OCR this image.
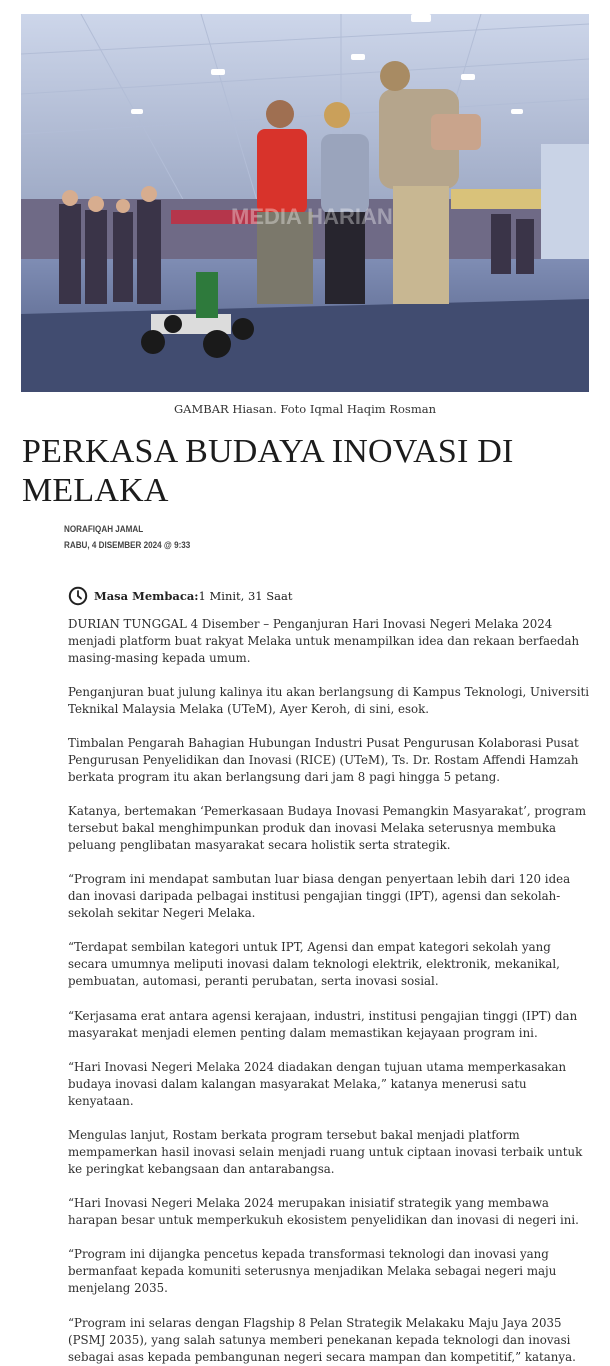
MEDIA HARIAN
GAMBAR Hiasan. Foto Iqmal Haqim Rosman
PERKASA BUDAYA INOVASI DI MELAKA
NORAFIQAH JAMAL
RABU, 4 DISEMBER 2024 @ 9:33
Masa Membaca: 1 Minit, 31 Saat

DURIAN TUNGGAL 4 Disember – Penganjuran Hari Inovasi Negeri Melaka 2024 menjadi platform buat rakyat Melaka untuk menampilkan idea dan rekaan berfaedah masing-masing kepada umum.

Penganjuran buat julung kalinya itu akan berlangsung di Kampus Teknologi, Universiti Teknikal Malaysia Melaka (UTeM), Ayer Keroh, di sini, esok.

Timbalan Pengarah Bahagian Hubungan Industri Pusat Pengurusan Kolaborasi Pusat Pengurusan Penyelidikan dan Inovasi (RICE) (UTeM), Ts. Dr. Rostam Affendi Hamzah berkata program itu akan berlangsung dari jam 8 pagi hingga 5 petang.

Katanya, bertemakan ‘Pemerkasaan Budaya Inovasi Pemangkin Masyarakat’, program tersebut bakal menghimpunkan produk dan inovasi Melaka seterusnya membuka peluang penglibatan masyarakat secara holistik serta strategik.

“Program ini mendapat sambutan luar biasa dengan penyertaan lebih dari 120 idea dan inovasi daripada pelbagai institusi pengajian tinggi (IPT), agensi dan sekolah-sekolah sekitar Negeri Melaka.

“Terdapat sembilan kategori untuk IPT, Agensi dan empat kategori sekolah yang secara umumnya meliputi inovasi dalam teknologi elektrik, elektronik, mekanikal, pembuatan, automasi, peranti perubatan, serta inovasi sosial.

“Kerjasama erat antara agensi kerajaan, industri, institusi pengajian tinggi (IPT) dan masyarakat menjadi elemen penting dalam memastikan kejayaan program ini.

“Hari Inovasi Negeri Melaka 2024 diadakan dengan tujuan utama memperkasakan budaya inovasi dalam kalangan masyarakat Melaka,” katanya menerusi satu kenyataan.

Mengulas lanjut, Rostam berkata program tersebut bakal menjadi platform mempamerkan hasil inovasi selain menjadi ruang untuk ciptaan inovasi terbaik untuk ke peringkat kebangsaan dan antarabangsa.

“Hari Inovasi Negeri Melaka 2024 merupakan inisiatif strategik yang membawa harapan besar untuk memperkukuh ekosistem penyelidikan dan inovasi di negeri ini.

“Program ini dijangka pencetus kepada transformasi teknologi dan inovasi yang bermanfaat kepada komuniti seterusnya menjadikan Melaka sebagai negeri maju menjelang 2035.

“Program ini selaras dengan Flagship 8 Pelan Strategik Melakaku Maju Jaya 2035 (PSMJ 2035), yang salah satunya memberi penekanan kepada teknologi dan inovasi sebagai asas kepada pembangunan negeri secara mampan dan kompetitif,” katanya.
